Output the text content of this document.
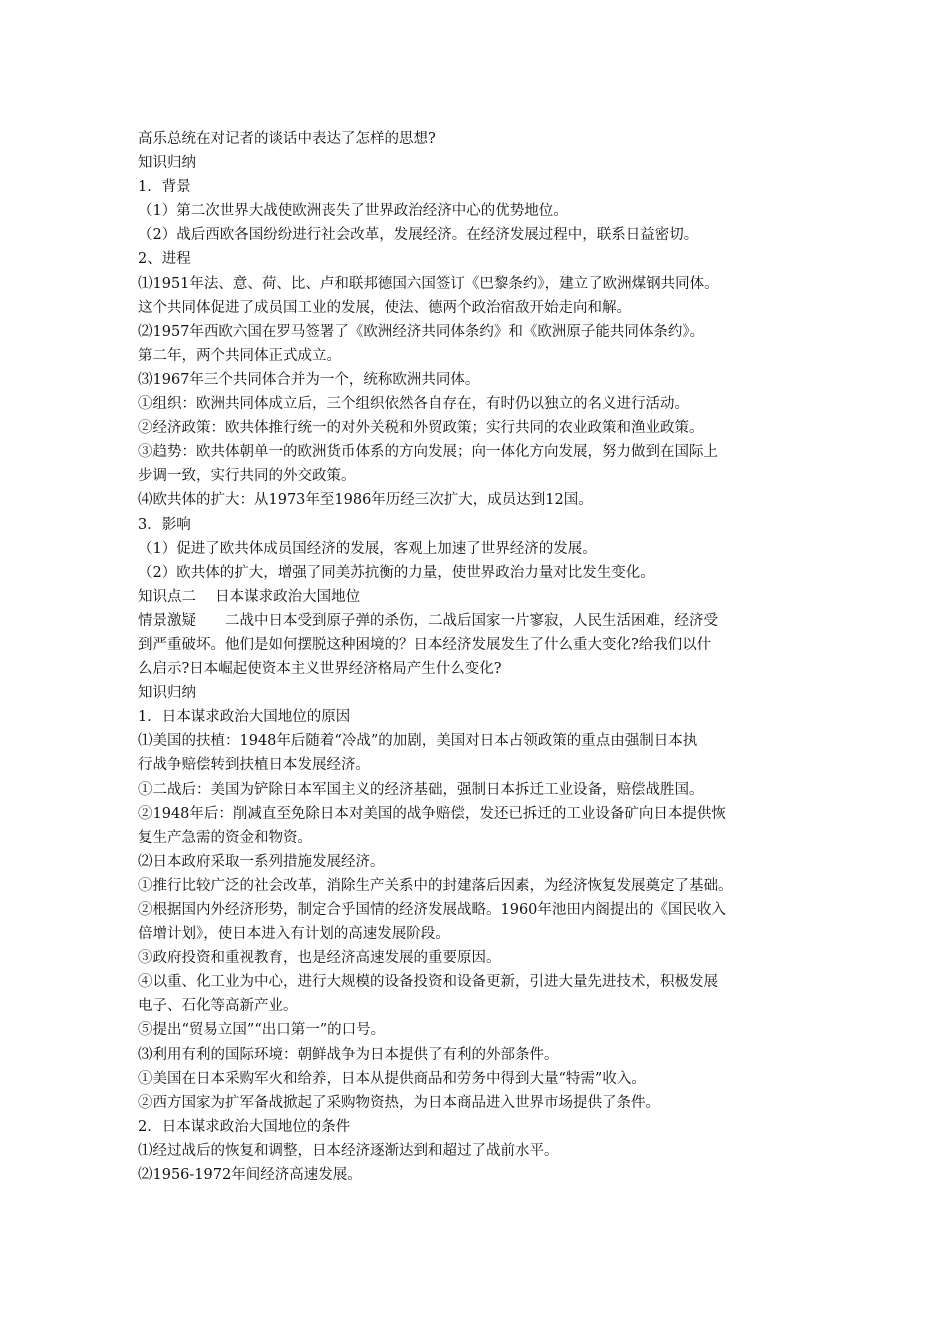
高乐总统在对记者的谈话中表达了怎样的思想?
知识归纳
1．背景
（1）第二次世界大战使欧洲丧失了世界政治经济中心的优势地位。
（2）战后西欧各国纷纷进行社会改革，发展经济。在经济发展过程中，联系日益密切。
2、进程
⑴1951年法、意、荷、比、卢和联邦德国六国签订《巴黎条约》，建立了欧洲煤钢共同体。
这个共同体促进了成员国工业的发展，使法、德两个政治宿敌开始走向和解。
⑵1957年西欧六国在罗马签署了《欧洲经济共同体条约》和《欧洲原子能共同体条约》。
第二年，两个共同体正式成立。
⑶1967年三个共同体合并为一个，统称欧洲共同体。
①组织：欧洲共同体成立后，三个组织依然各自存在，有时仍以独立的名义进行活动。
②经济政策：欧共体推行统一的对外关税和外贸政策；实行共同的农业政策和渔业政策。
③趋势：欧共体朝单一的欧洲货币体系的方向发展；向一体化方向发展，努力做到在国际上
步调一致，实行共同的外交政策。
⑷欧共体的扩大：从1973年至1986年历经三次扩大，成员达到12国。
3．影响
（1）促进了欧共体成员国经济的发展，客观上加速了世界经济的发展。
（2）欧共体的扩大，增强了同美苏抗衡的力量，使世界政治力量对比发生变化。
知识点二　 日本谋求政治大国地位
情景激疑　　二战中日本受到原子弹的杀伤，二战后国家一片寥寂，人民生活困难，经济受
到严重破坏。他们是如何摆脱这种困境的？日本经济发展发生了什么重大变化?给我们以什
么启示?日本崛起使资本主义世界经济格局产生什么变化?
知识归纳
1．日本谋求政治大国地位的原因
⑴美国的扶植：1948年后随着“冷战”的加剧，美国对日本占领政策的重点由强制日本执
行战争赔偿转到扶植日本发展经济。
①二战后：美国为铲除日本军国主义的经济基础，强制日本拆迁工业设备，赔偿战胜国。
②1948年后：削减直至免除日本对美国的战争赔偿，发还已拆迁的工业设备矿向日本提供恢
复生产急需的资金和物资。
⑵日本政府采取一系列措施发展经济。
①推行比较广泛的社会改革，消除生产关系中的封建落后因素，为经济恢复发展奠定了基础。
②根据国内外经济形势，制定合乎国情的经济发展战略。1960年池田内阁提出的《国民收入
倍增计划》，使日本进入有计划的高速发展阶段。
③政府投资和重视教育，也是经济高速发展的重要原因。
④以重、化工业为中心，进行大规模的设备投资和设备更新，引进大量先进技术，积极发展
电子、石化等高新产业。
⑤提出“贸易立国”“出口第一”的口号。
⑶利用有利的国际环境：朝鲜战争为日本提供了有利的外部条件。
①美国在日本采购军火和给养，日本从提供商品和劳务中得到大量“特需”收入。
②西方国家为扩军备战掀起了采购物资热，为日本商品进入世界市场提供了条件。
2．日本谋求政治大国地位的条件
⑴经过战后的恢复和调整，日本经济逐渐达到和超过了战前水平。
⑵1956-1972年间经济高速发展。
